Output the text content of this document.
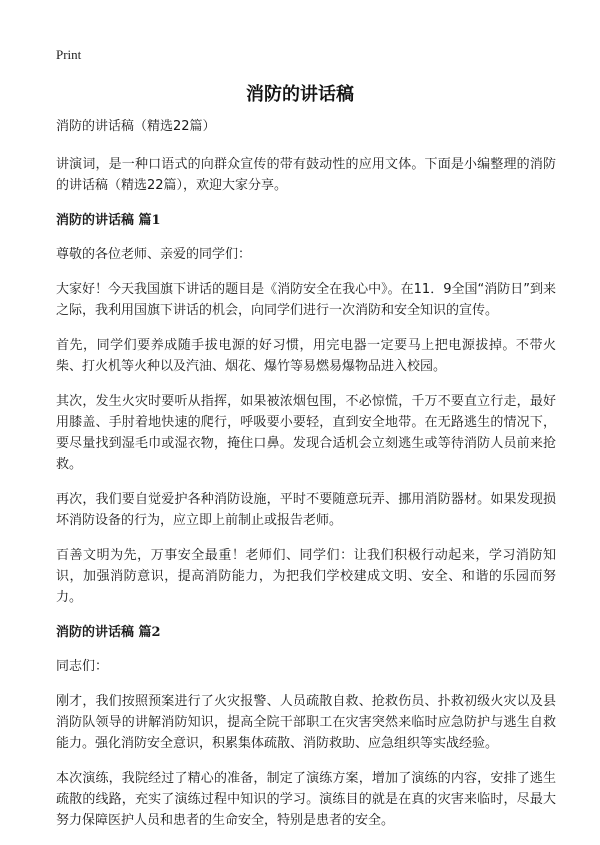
Print
消防的讲话稿

消防的讲话稿（精选22篇）

讲演词，是一种口语式的向群众宣传的带有鼓动性的应用文体。下面是小编整理的消防的讲话稿（精选22篇），欢迎大家分享。

消防的讲话稿 篇1

尊敬的各位老师、亲爱的同学们：

大家好！今天我国旗下讲话的题目是《消防安全在我心中》。在11．9全国“消防日”到来之际，我利用国旗下讲话的机会，向同学们进行一次消防和安全知识的宣传。

首先，同学们要养成随手拔电源的好习惯，用完电器一定要马上把电源拔掉。不带火柴、打火机等火种以及汽油、烟花、爆竹等易燃易爆物品进入校园。

其次，发生火灾时要听从指挥，如果被浓烟包围，不必惊慌，千万不要直立行走，最好用膝盖、手肘着地快速的爬行，呼吸要小要轻，直到安全地带。在无路逃生的情况下，要尽量找到湿毛巾或湿衣物，掩住口鼻。发现合适机会立刻逃生或等待消防人员前来抢救。

再次，我们要自觉爱护各种消防设施，平时不要随意玩弄、挪用消防器材。如果发现损坏消防设备的行为，应立即上前制止或报告老师。

百善文明为先，万事安全最重！老师们、同学们：让我们积极行动起来，学习消防知识，加强消防意识，提高消防能力，为把我们学校建成文明、安全、和谐的乐园而努力。

消防的讲话稿 篇2

同志们：

刚才，我们按照预案进行了火灾报警、人员疏散自救、抢救伤员、扑救初级火灾以及县消防队领导的讲解消防知识，提高全院干部职工在灾害突然来临时应急防护与逃生自救能力。强化消防安全意识，积累集体疏散、消防救助、应急组织等实战经验。

本次演练，我院经过了精心的准备，制定了演练方案，增加了演练的内容，安排了逃生疏散的线路，充实了演练过程中知识的学习。演练目的就是在真的灾害来临时，尽最大努力保障医护人员和患者的生命安全，特别是患者的安全。
